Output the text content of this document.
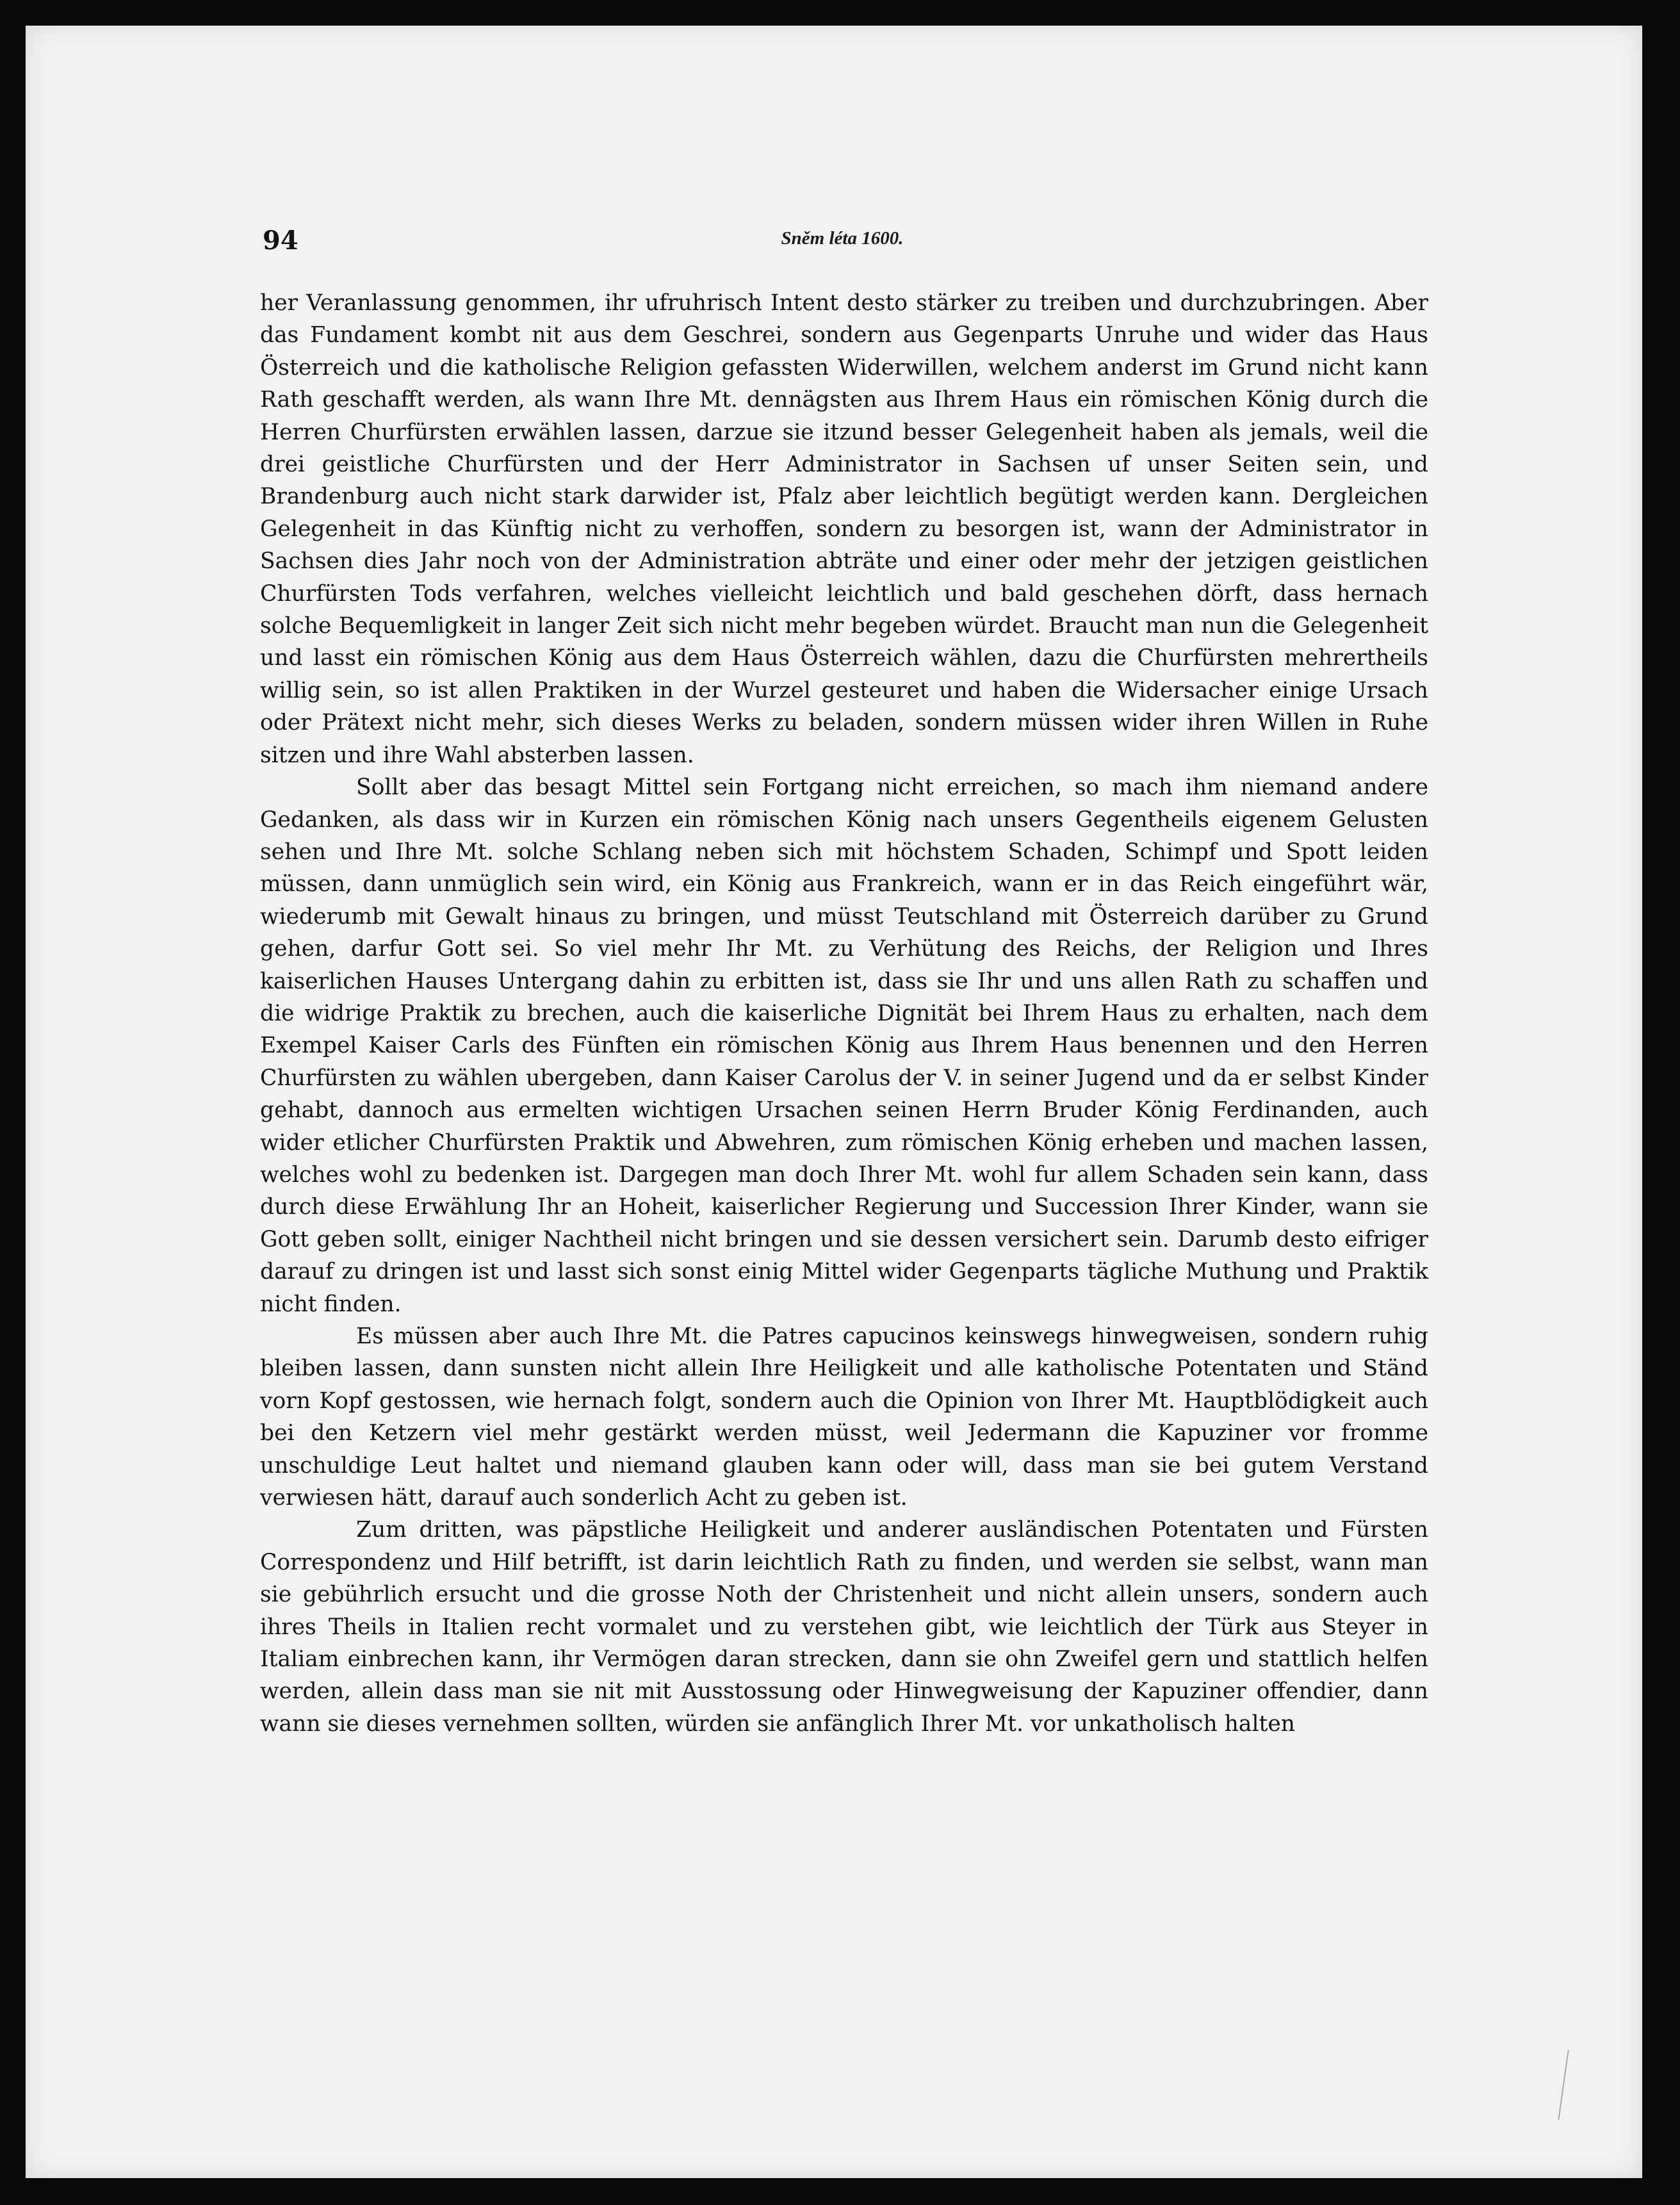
94	Sněm léta 1600.

her Veranlassung genommen, ihr ufruhrisch Intent desto stärker zu treiben und durchzubringen. Aber das Fundament kombt nit aus dem Geschrei, sondern aus Gegenparts Unruhe und wider das Haus Österreich und die katholische Religion gefassten Widerwillen, welchem anderst im Grund nicht kann Rath geschafft werden, als wann Ihre Mt. dennägsten aus Ihrem Haus ein römischen König durch die Herren Churfürsten erwählen lassen, darzue sie itzund besser Gelegenheit haben als jemals, weil die drei geistliche Churfürsten und der Herr Administrator in Sachsen uf unser Seiten sein, und Brandenburg auch nicht stark darwider ist, Pfalz aber leichtlich begütigt werden kann. Dergleichen Gelegenheit in das Künftig nicht zu verhoffen, sondern zu besorgen ist, wann der Administrator in Sachsen dies Jahr noch von der Administration abträte und einer oder mehr der jetzigen geistlichen Churfürsten Tods verfahren, welches vielleicht leichtlich und bald geschehen dörft, dass hernach solche Bequemligkeit in langer Zeit sich nicht mehr begeben würdet. Braucht man nun die Gelegenheit und lasst ein römischen König aus dem Haus Österreich wählen, dazu die Churfürsten mehrertheils willig sein, so ist allen Praktiken in der Wurzel gesteuret und haben die Widersacher einige Ursach oder Prätext nicht mehr, sich dieses Werks zu beladen, sondern müssen wider ihren Willen in Ruhe sitzen und ihre Wahl absterben lassen.

Sollt aber das besagt Mittel sein Fortgang nicht erreichen, so mach ihm niemand andere Gedanken, als dass wir in Kurzen ein römischen König nach unsers Gegentheils eigenem Gelusten sehen und Ihre Mt. solche Schlang neben sich mit höchstem Schaden, Schimpf und Spott leiden müssen, dann unmüglich sein wird, ein König aus Frankreich, wann er in das Reich eingeführt wär, wiederumb mit Gewalt hinaus zu bringen, und müsst Teutschland mit Österreich darüber zu Grund gehen, darfur Gott sei. So viel mehr Ihr Mt. zu Verhütung des Reichs, der Religion und Ihres kaiserlichen Hauses Untergang dahin zu erbitten ist, dass sie Ihr und uns allen Rath zu schaffen und die widrige Praktik zu brechen, auch die kaiserliche Dignität bei Ihrem Haus zu erhalten, nach dem Exempel Kaiser Carls des Fünften ein römischen König aus Ihrem Haus benennen und den Herren Churfürsten zu wählen ubergeben, dann Kaiser Carolus der V. in seiner Jugend und da er selbst Kinder gehabt, dannoch aus ermelten wichtigen Ursachen seinen Herrn Bruder König Ferdinanden, auch wider etlicher Churfürsten Praktik und Abwehren, zum römischen König erheben und machen lassen, welches wohl zu bedenken ist. Dargegen man doch Ihrer Mt. wohl fur allem Schaden sein kann, dass durch diese Erwählung Ihr an Hoheit, kaiserlicher Regierung und Succession Ihrer Kinder, wann sie Gott geben sollt, einiger Nachtheil nicht bringen und sie dessen versichert sein. Darumb desto eifriger darauf zu dringen ist und lasst sich sonst einig Mittel wider Gegenparts tägliche Muthung und Praktik nicht finden.

Es müssen aber auch Ihre Mt. die Patres capucinos keinswegs hinwegweisen, sondern ruhig bleiben lassen, dann sunsten nicht allein Ihre Heiligkeit und alle katholische Potentaten und Ständ vorn Kopf gestossen, wie hernach folgt, sondern auch die Opinion von Ihrer Mt. Hauptblödigkeit auch bei den Ketzern viel mehr gestärkt werden müsst, weil Jedermann die Kapuziner vor fromme unschuldige Leut haltet und niemand glauben kann oder will, dass man sie bei gutem Verstand verwiesen hätt, darauf auch sonderlich Acht zu geben ist.

Zum dritten, was päpstliche Heiligkeit und anderer ausländischen Potentaten und Fürsten Correspondenz und Hilf betrifft, ist darin leichtlich Rath zu finden, und werden sie selbst, wann man sie gebührlich ersucht und die grosse Noth der Christenheit und nicht allein unsers, sondern auch ihres Theils in Italien recht vormalet und zu verstehen gibt, wie leichtlich der Türk aus Steyer in Italiam einbrechen kann, ihr Vermögen daran strecken, dann sie ohn Zweifel gern und stattlich helfen werden, allein dass man sie nit mit Ausstossung oder Hinwegweisung der Kapuziner offendier, dann wann sie dieses vernehmen sollten, würden sie anfänglich Ihrer Mt. vor unkatholisch halten
